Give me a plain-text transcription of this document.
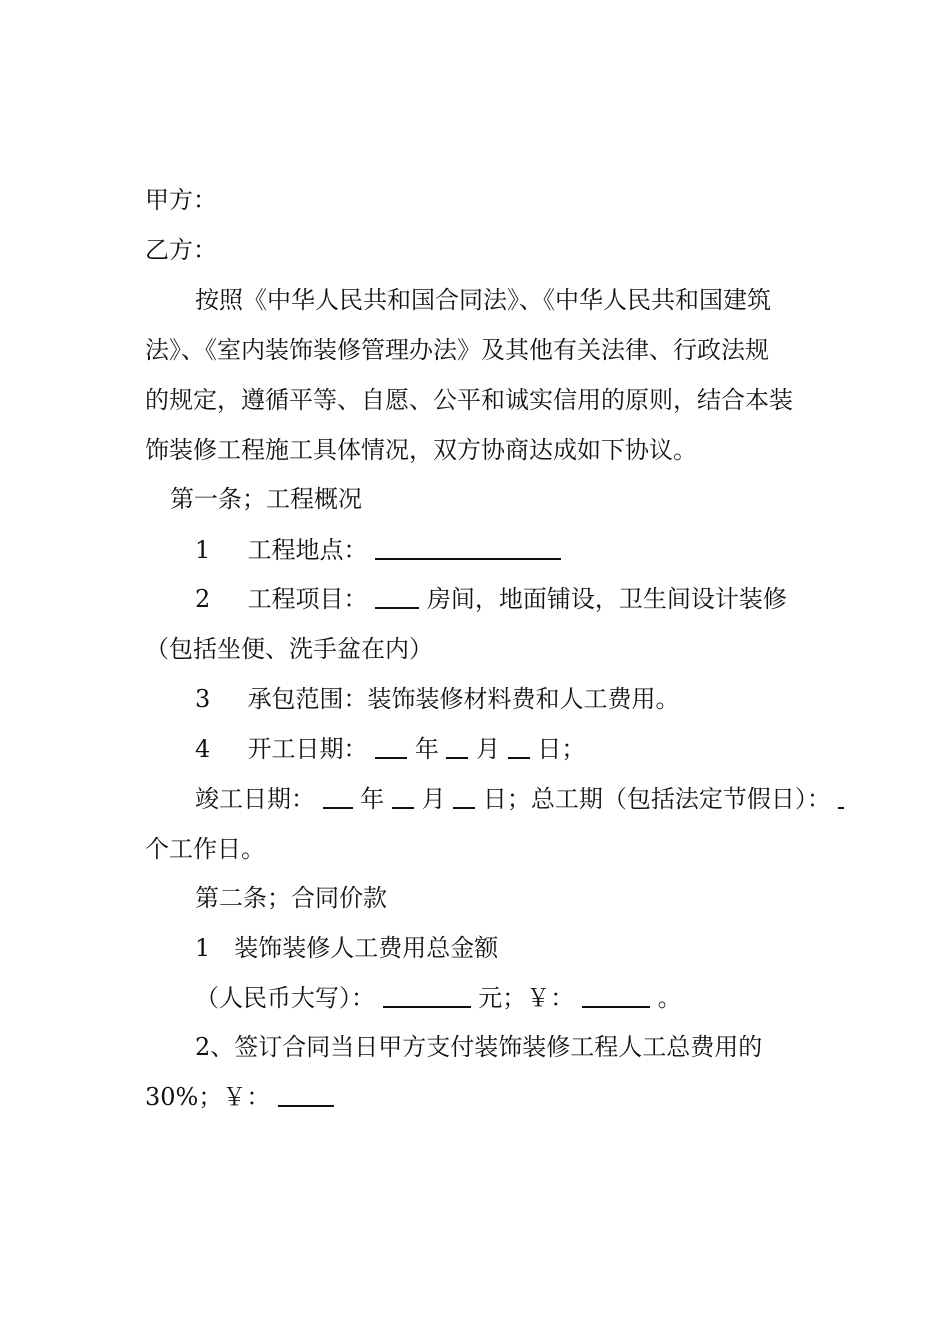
甲方：
乙方：
按照《中华人民共和国合同法》、《中华人民共和国建筑
法》、《室内装饰装修管理办法》及其他有关法律、行政法规
的规定，遵循平等、自愿、公平和诚实信用的原则，结合本装
饰装修工程施工具体情况，双方协商达成如下协议。
第一条；工程概况
1 工程地点：
2 工程项目： 房间，地面铺设，卫生间设计装修
（包括坐便、洗手盆在内）
3 承包范围：装饰装修材料费和人工费用。
4 开工日期： 年 月 日；
竣工日期： 年 月 日；总工期（包括法定节假日）：
个工作日。
第二条；合同价款
1　装饰装修人工费用总金额
（人民币大写）：	元；￥：	。
2、签订合同当日甲方支付装饰装修工程人工总费用的
30%；￥：
